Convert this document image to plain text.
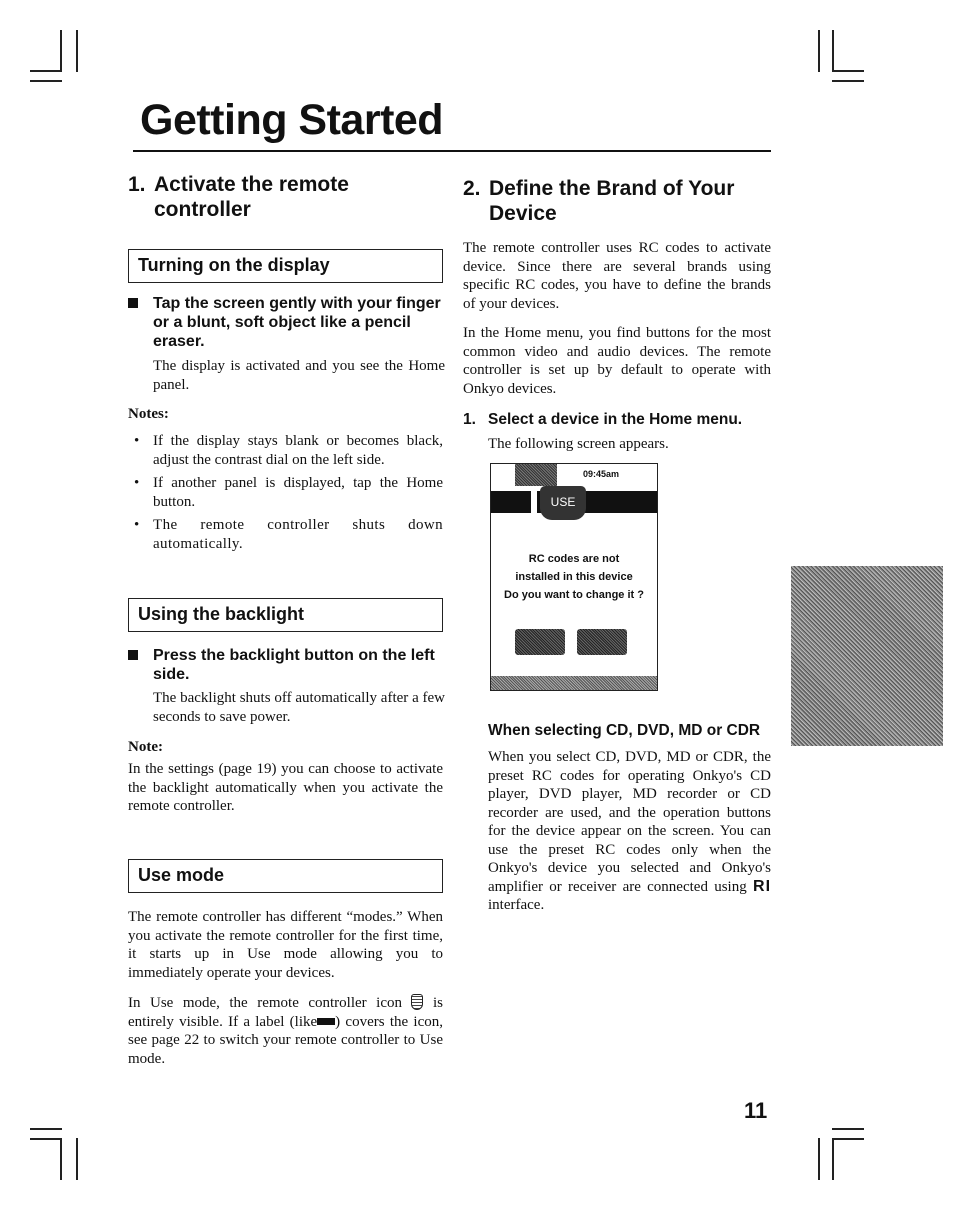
Getting Started
1. Activate the remote
controller
Turning on the display
Tap the screen gently with your finger or a blunt, soft object like a pencil eraser.
The display is activated and you see the Home panel.
Notes:
• If the display stays blank or becomes black, adjust the contrast dial on the left side.
• If another panel is displayed, tap the Home button.
• The remote controller shuts down automatically.
Using the backlight
Press the backlight button on the left side.
The backlight shuts off automatically after a few seconds to save power.
Note:
In the settings (page 19) you can choose to activate the backlight automatically when you activate the remote controller.
Use mode
The remote controller has different “modes.” When you activate the remote controller for the first time, it starts up in Use mode allowing you to immediately operate your devices.
In Use mode, the remote controller icon is entirely visible. If a label (like ) covers the icon, see page 22 to switch your remote controller to Use mode.
2. Define the Brand of Your
Device
The remote controller uses RC codes to activate device. Since there are several brands using specific RC codes, you have to define the brands of your devices.
In the Home menu, you find buttons for the most common video and audio devices. The remote controller is set up by default to operate with Onkyo devices.
1. Select a device in the Home menu.
The following screen appears.
09:45am
USE
RC codes are not
installed in this device
Do you want to change it ?
When selecting CD, DVD, MD or CDR
When you select CD, DVD, MD or CDR, the preset RC codes for operating Onkyo's CD player, DVD player, MD recorder or CD recorder are used, and the operation buttons for the device appear on the screen. You can use the preset RC codes only when the Onkyo's device you selected and Onkyo's amplifier or receiver are connected using RI interface.
11
